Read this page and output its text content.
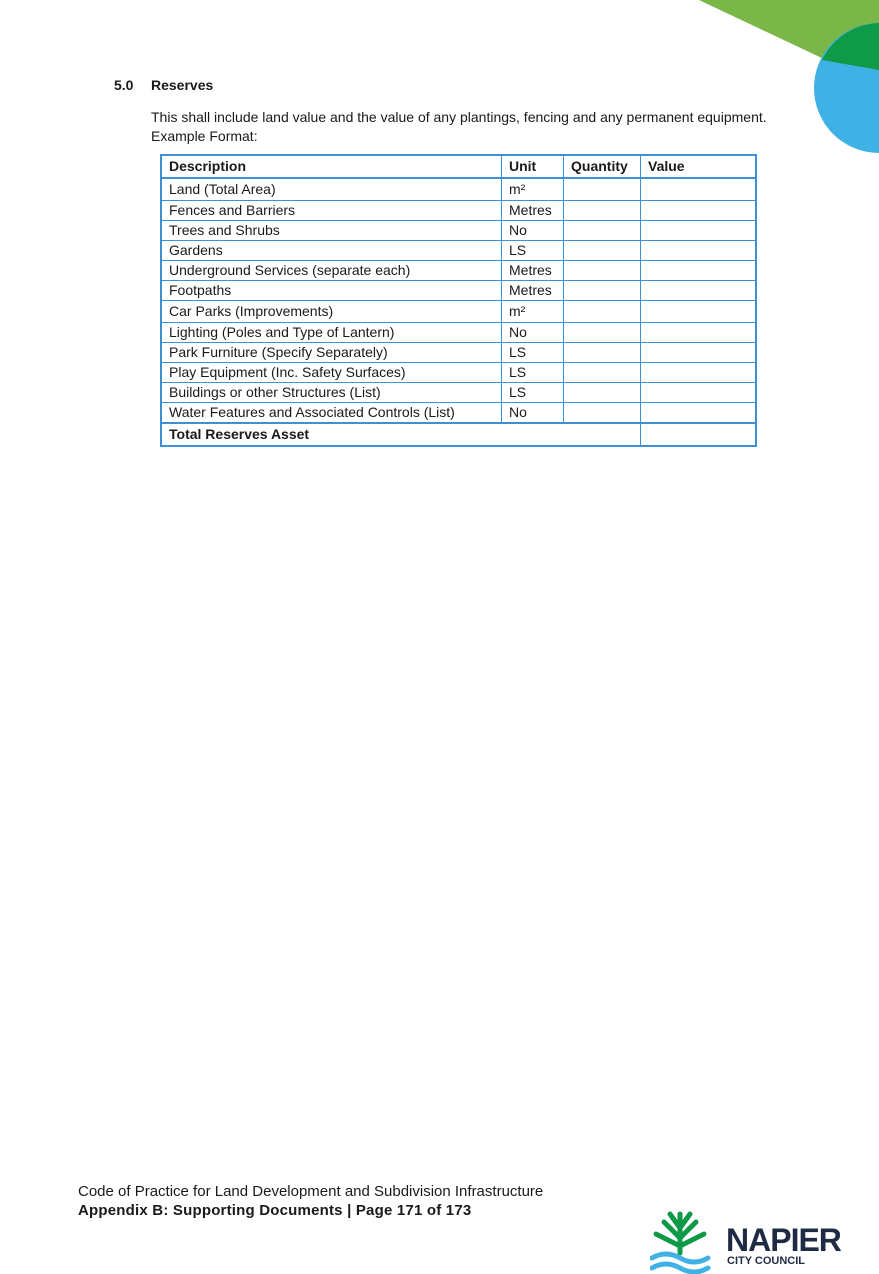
5.0 Reserves
This shall include land value and the value of any plantings, fencing and any permanent equipment.
Example Format:
Description	Unit	Quantity	Value
Land (Total Area)	m²		
Fences and Barriers	Metres		
Trees and Shrubs	No		
Gardens	LS		
Underground Services (separate each)	Metres		
Footpaths	Metres		
Car Parks (Improvements)	m²		
Lighting (Poles and Type of Lantern)	No		
Park Furniture (Specify Separately)	LS		
Play Equipment (Inc. Safety Surfaces)	LS		
Buildings or other Structures (List)	LS		
Water Features and Associated Controls (List)	No		
Total Reserves Asset			
Code of Practice for Land Development and Subdivision Infrastructure
Appendix B: Supporting Documents | Page 171 of 173
NAPIER
CITY COUNCIL
